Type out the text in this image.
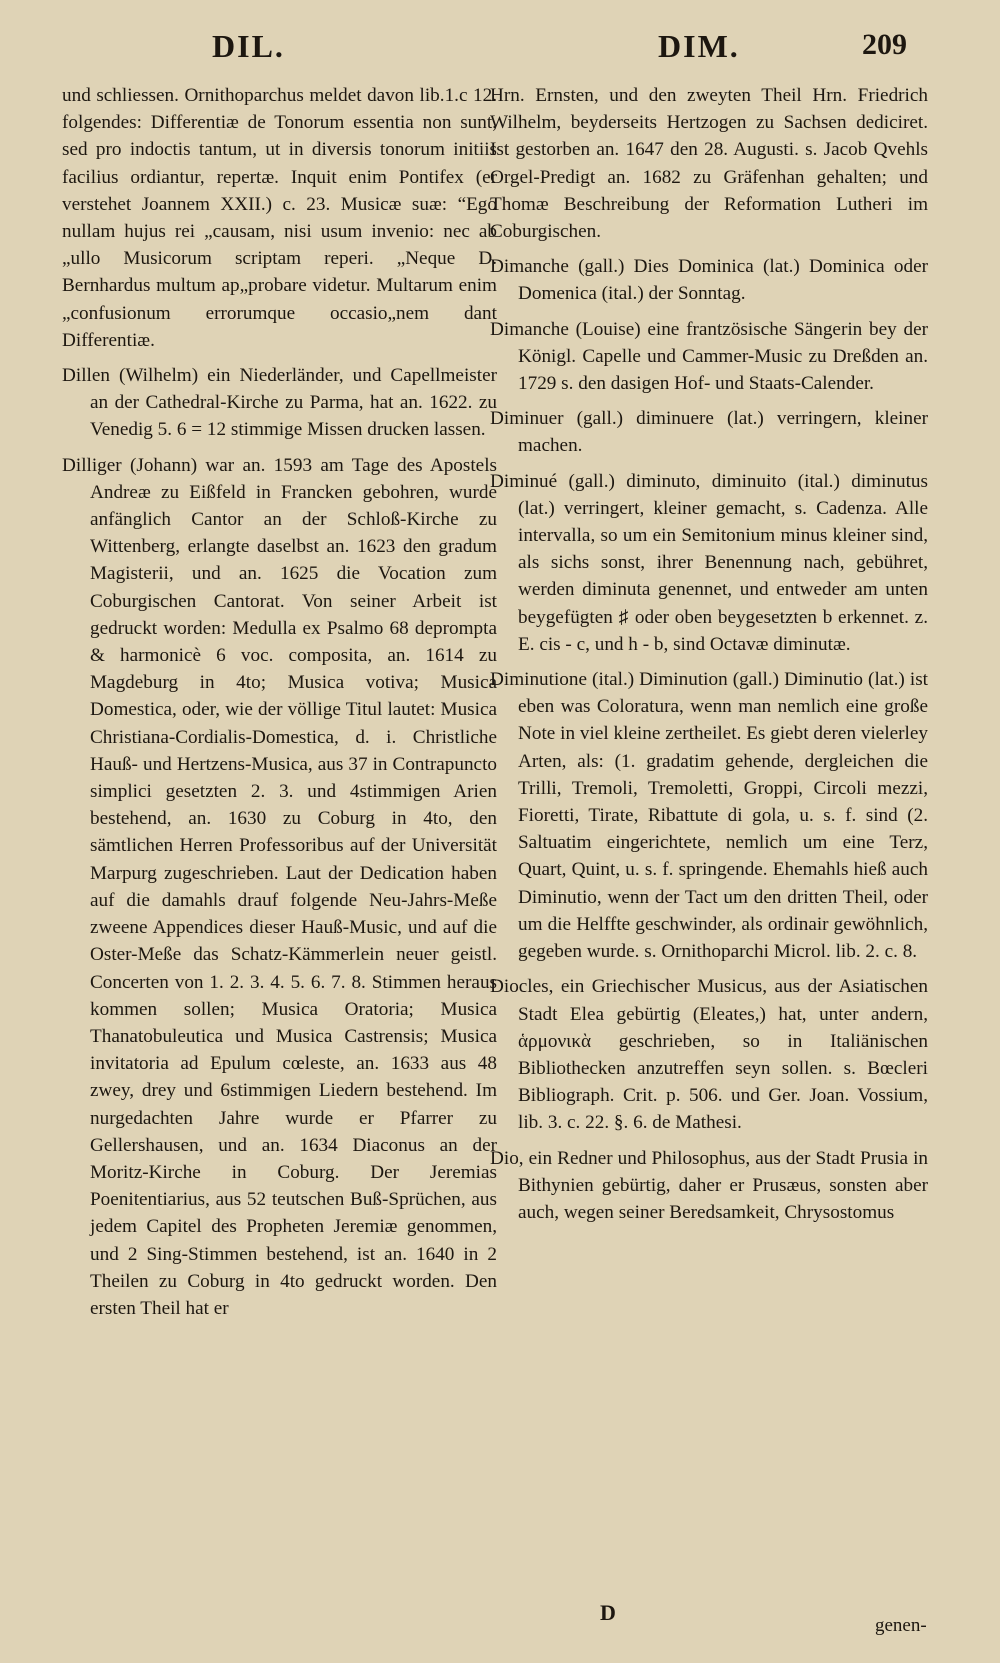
DIL.	DIM.	209

und schliessen. Ornithoparchus meldet davon lib.1.c 12. folgendes: Differentiæ de Tonorum essentia non sunt, sed pro indoctis tantum, ut in diversis tonorum initiis facilius ordiantur, repertæ. Inquit enim Pontifex (er verstehet Joannem XXII.) c. 23. Musicæ suæ: “Ego nullam hujus rei „causam, nisi usum invenio: nec ab „ullo Musicorum scriptam reperi. „Neque D. Bernhardus multum ap„probare videtur. Multarum enim „confusionum errorumque occasio„nem dant Differentiæ.

Dillen (Wilhelm) ein Niederländer, und Capellmeister an der Cathedral-Kirche zu Parma, hat an. 1622. zu Venedig 5. 6 = 12 stimmige Missen drucken lassen.

Dilliger (Johann) war an. 1593 am Tage des Apostels Andreæ zu Eißfeld in Francken gebohren, wurde anfänglich Cantor an der Schloß-Kirche zu Wittenberg, erlangte daselbst an. 1623 den gradum Magisterii, und an. 1625 die Vocation zum Coburgischen Cantorat. Von seiner Arbeit ist gedruckt worden: Medulla ex Psalmo 68 deprompta & harmonicè 6 voc. composita, an. 1614 zu Magdeburg in 4to; Musica votiva; Musica Domestica, oder, wie der völlige Titul lautet: Musica Christiana-Cordialis-Domestica, d. i. Christliche Hauß- und Hertzens-Musica, aus 37 in Contrapuncto simplici gesetzten 2. 3. und 4stimmigen Arien bestehend, an. 1630 zu Coburg in 4to, den sämtlichen Herren Professoribus auf der Universität Marpurg zugeschrieben. Laut der Dedication haben auf die damahls drauf folgende Neu-Jahrs-Meße zweene Appendices dieser Hauß-Music, und auf die Oster-Meße das Schatz-Kämmerlein neuer geistl. Concerten von 1. 2. 3. 4. 5. 6. 7. 8. Stimmen heraus kommen sollen; Musica Oratoria; Musica Thanatobuleutica und Musica Castrensis; Musica invitatoria ad Epulum cœleste, an. 1633 aus 48 zwey, drey und 6stimmigen Liedern bestehend. Im nurgedachten Jahre wurde er Pfarrer zu Gellershausen, und an. 1634 Diaconus an der Moritz-Kirche in Coburg. Der Jeremias Poenitentiarius, aus 52 teutschen Buß-Sprüchen, aus jedem Capitel des Propheten Jeremiæ genommen, und 2 Sing-Stimmen bestehend, ist an. 1640 in 2 Theilen zu Coburg in 4to gedruckt worden. Den ersten Theil hat er

Hrn. Ernsten, und den zweyten Theil Hrn. Friedrich Wilhelm, beyderseits Hertzogen zu Sachsen dediciret. Ist gestorben an. 1647 den 28. Augusti. s. Jacob Qvehls Orgel-Predigt an. 1682 zu Gräfenhan gehalten; und Thomæ Beschreibung der Reformation Lutheri im Coburgischen.

Dimanche (gall.) Dies Dominica (lat.) Dominica oder Domenica (ital.) der Sonntag.

Dimanche (Louise) eine frantzösische Sängerin bey der Königl. Capelle und Cammer-Music zu Dreßden an. 1729 s. den dasigen Hof- und Staats-Calender.

Diminuer (gall.) diminuere (lat.) verringern, kleiner machen.

Diminué (gall.) diminuto, diminuito (ital.) diminutus (lat.) verringert, kleiner gemacht, s. Cadenza. Alle intervalla, so um ein Semitonium minus kleiner sind, als sichs sonst, ihrer Benennung nach, gebühret, werden diminuta genennet, und entweder am unten beygefügten ♯ oder oben beygesetzten b erkennet. z. E. cis - c, und h - b, sind Octavæ diminutæ.

Diminutione (ital.) Diminution (gall.) Diminutio (lat.) ist eben was Coloratura, wenn man nemlich eine große Note in viel kleine zertheilet. Es giebt deren vielerley Arten, als: (1. gradatim gehende, dergleichen die Trilli, Tremoli, Tremoletti, Groppi, Circoli mezzi, Fioretti, Tirate, Ribattute di gola, u. s. f. sind (2. Saltuatim eingerichtete, nemlich um eine Terz, Quart, Quint, u. s. f. springende. Ehemahls hieß auch Diminutio, wenn der Tact um den dritten Theil, oder um die Helffte geschwinder, als ordinair gewöhnlich, gegeben wurde. s. Ornithoparchi Microl. lib. 2. c. 8.

Diocles, ein Griechischer Musicus, aus der Asiatischen Stadt Elea gebürtig (Eleates,) hat, unter andern, ἁρμονικὰ geschrieben, so in Italiänischen Bibliothecken anzutreffen seyn sollen. s. Bœcleri Bibliograph. Crit. p. 506. und Ger. Joan. Vossium, lib. 3. c. 22. §. 6. de Mathesi.

Dio, ein Redner und Philosophus, aus der Stadt Prusia in Bithynien gebürtig, daher er Prusæus, sonsten aber auch, wegen seiner Beredsamkeit, Chrysostomus

D
genen-
